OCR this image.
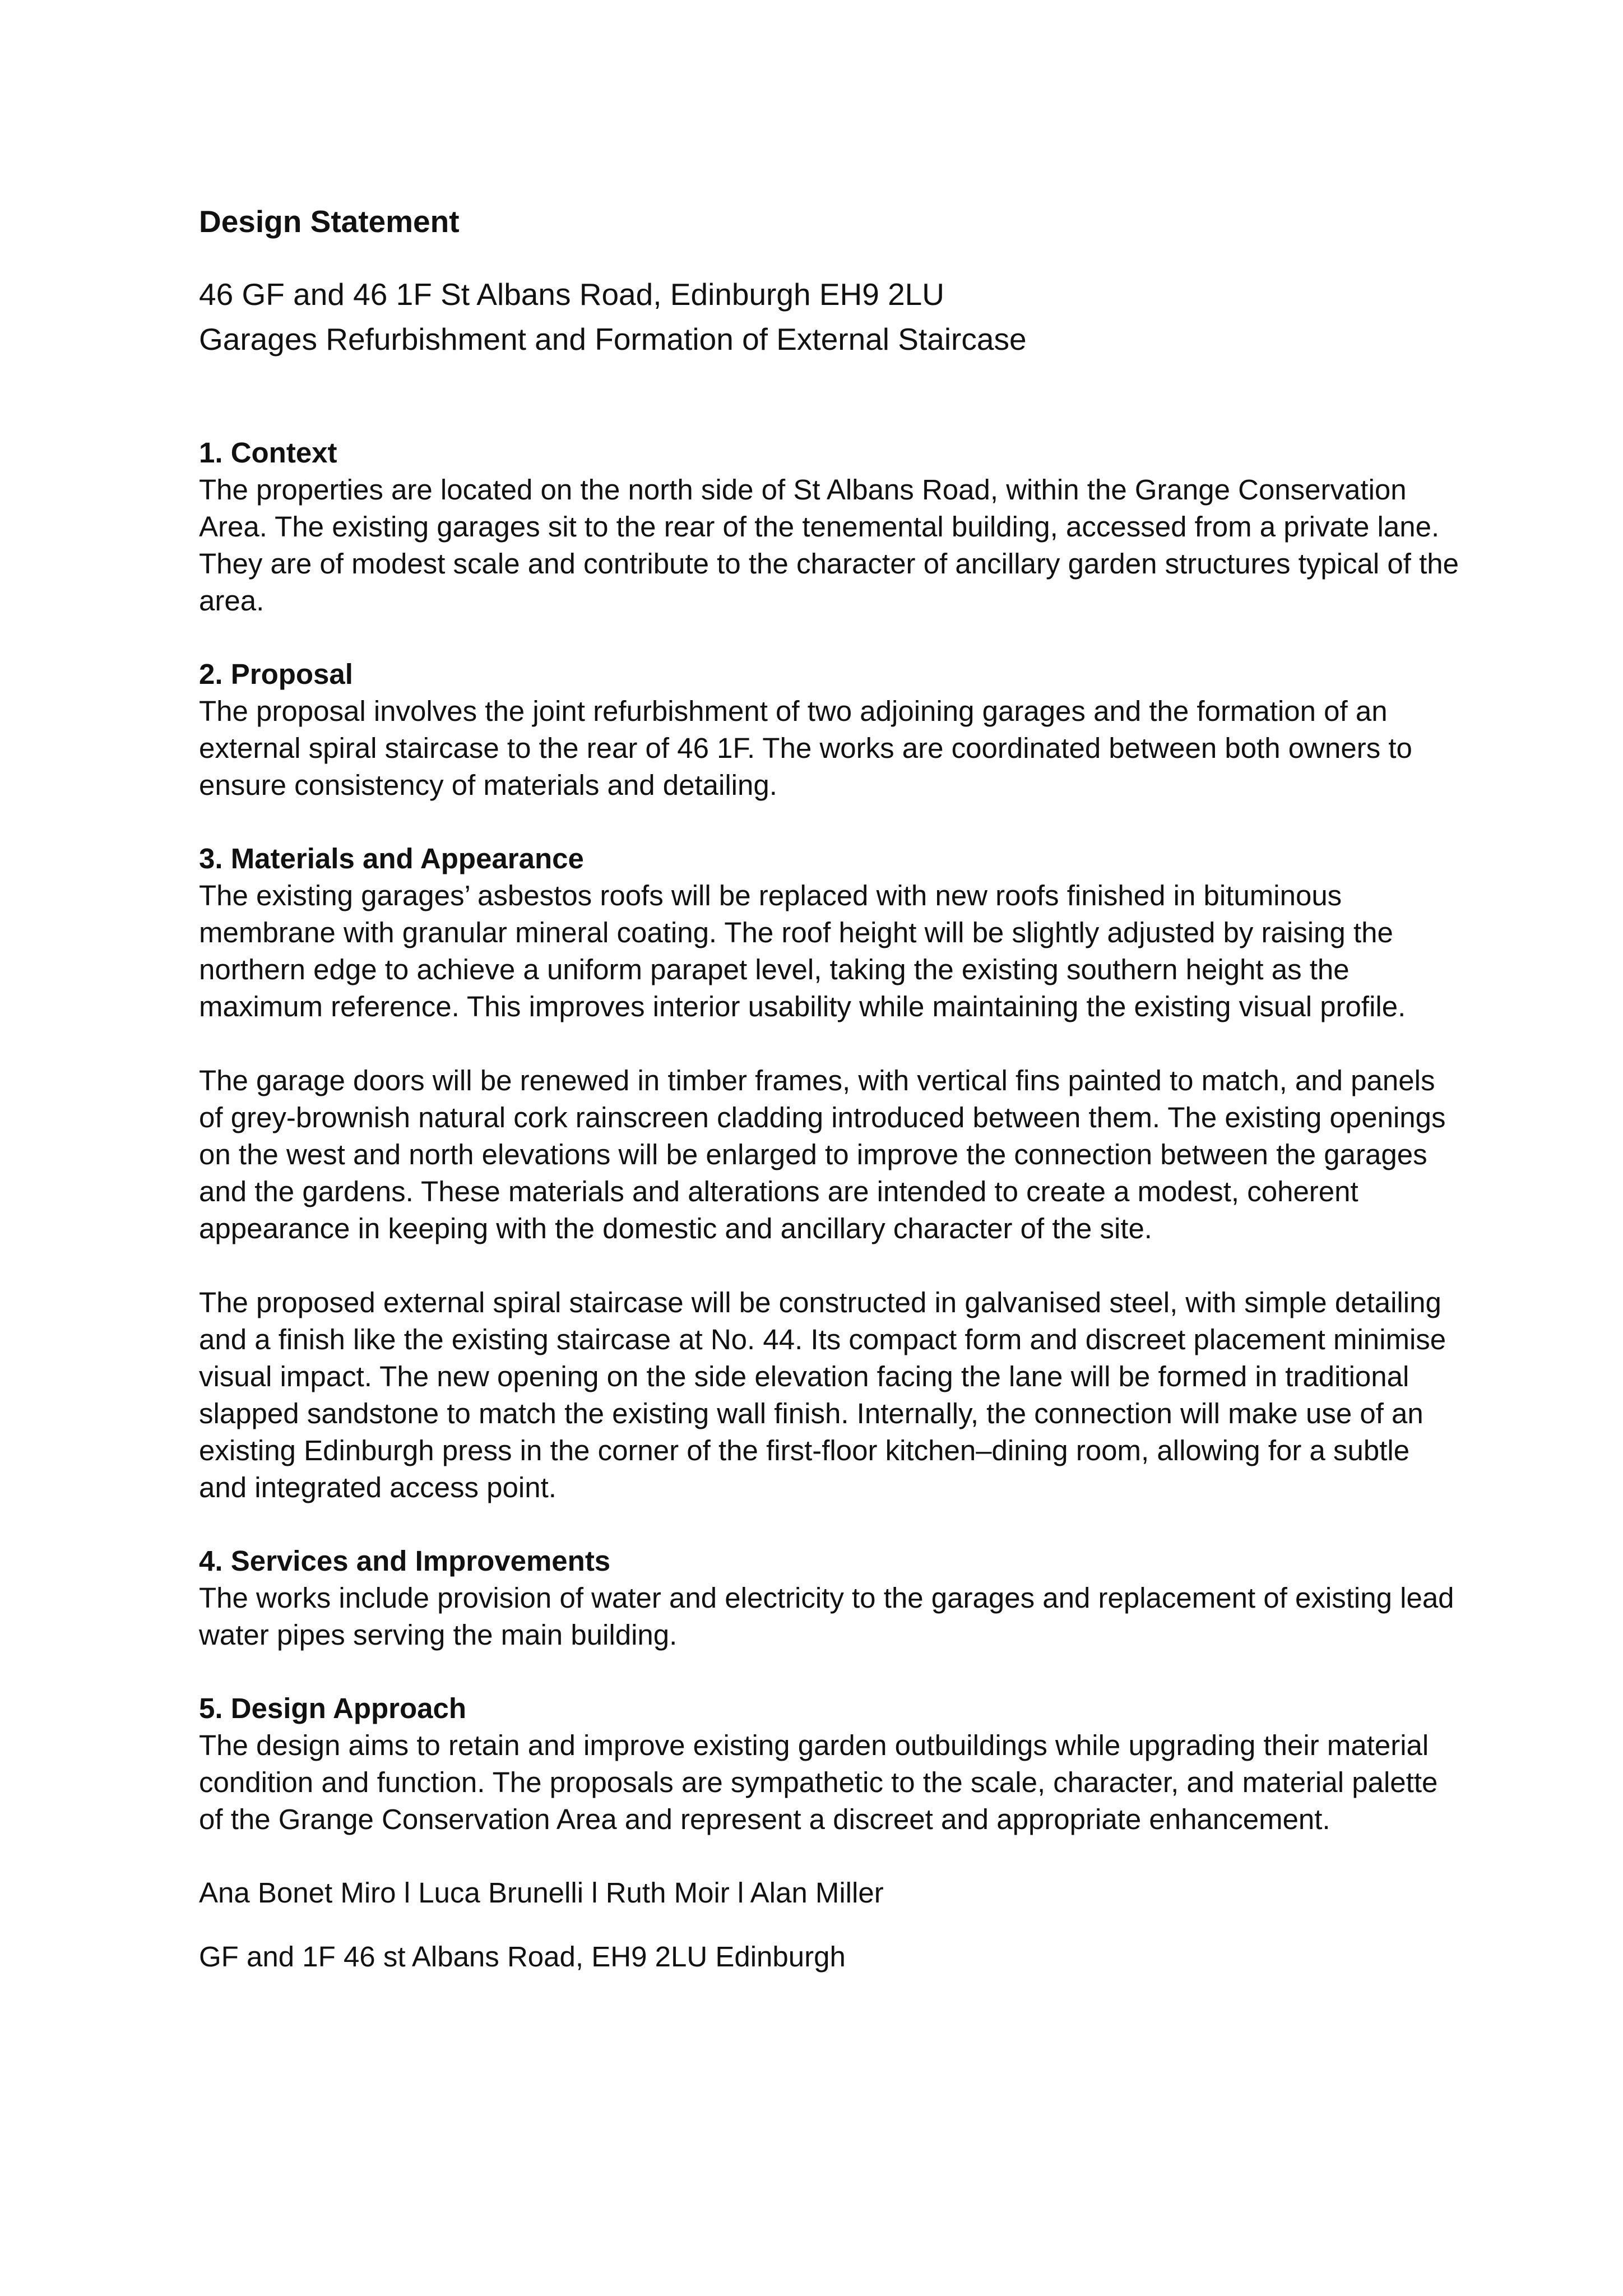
Design Statement
46 GF and 46 1F St Albans Road, Edinburgh EH9 2LU
Garages Refurbishment and Formation of External Staircase
1. Context

The properties are located on the north side of St Albans Road, within the Grange Conservation Area. The existing garages sit to the rear of the tenemental building, accessed from a private lane. They are of modest scale and contribute to the character of ancillary garden structures typical of the area.

2. Proposal

The proposal involves the joint refurbishment of two adjoining garages and the formation of an external spiral staircase to the rear of 46 1F. The works are coordinated between both owners to ensure consistency of materials and detailing.

3. Materials and Appearance

The existing garages’ asbestos roofs will be replaced with new roofs finished in bituminous membrane with granular mineral coating. The roof height will be slightly adjusted by raising the northern edge to achieve a uniform parapet level, taking the existing southern height as the maximum reference. This improves interior usability while maintaining the existing visual profile.

The garage doors will be renewed in timber frames, with vertical fins painted to match, and panels of grey-brownish natural cork rainscreen cladding introduced between them. The existing openings on the west and north elevations will be enlarged to improve the connection between the garages and the gardens. These materials and alterations are intended to create a modest, coherent appearance in keeping with the domestic and ancillary character of the site.

The proposed external spiral staircase will be constructed in galvanised steel, with simple detailing and a finish like the existing staircase at No. 44. Its compact form and discreet placement minimise visual impact. The new opening on the side elevation facing the lane will be formed in traditional slapped sandstone to match the existing wall finish. Internally, the connection will make use of an existing Edinburgh press in the corner of the first-floor kitchen–dining room, allowing for a subtle and integrated access point.

4. Services and Improvements

The works include provision of water and electricity to the garages and replacement of existing lead water pipes serving the main building.

5. Design Approach

The design aims to retain and improve existing garden outbuildings while upgrading their material condition and function. The proposals are sympathetic to the scale, character, and material palette of the Grange Conservation Area and represent a discreet and appropriate enhancement.

Ana Bonet Miro l Luca Brunelli l Ruth Moir l Alan Miller

GF and 1F 46 st Albans Road, EH9 2LU Edinburgh
